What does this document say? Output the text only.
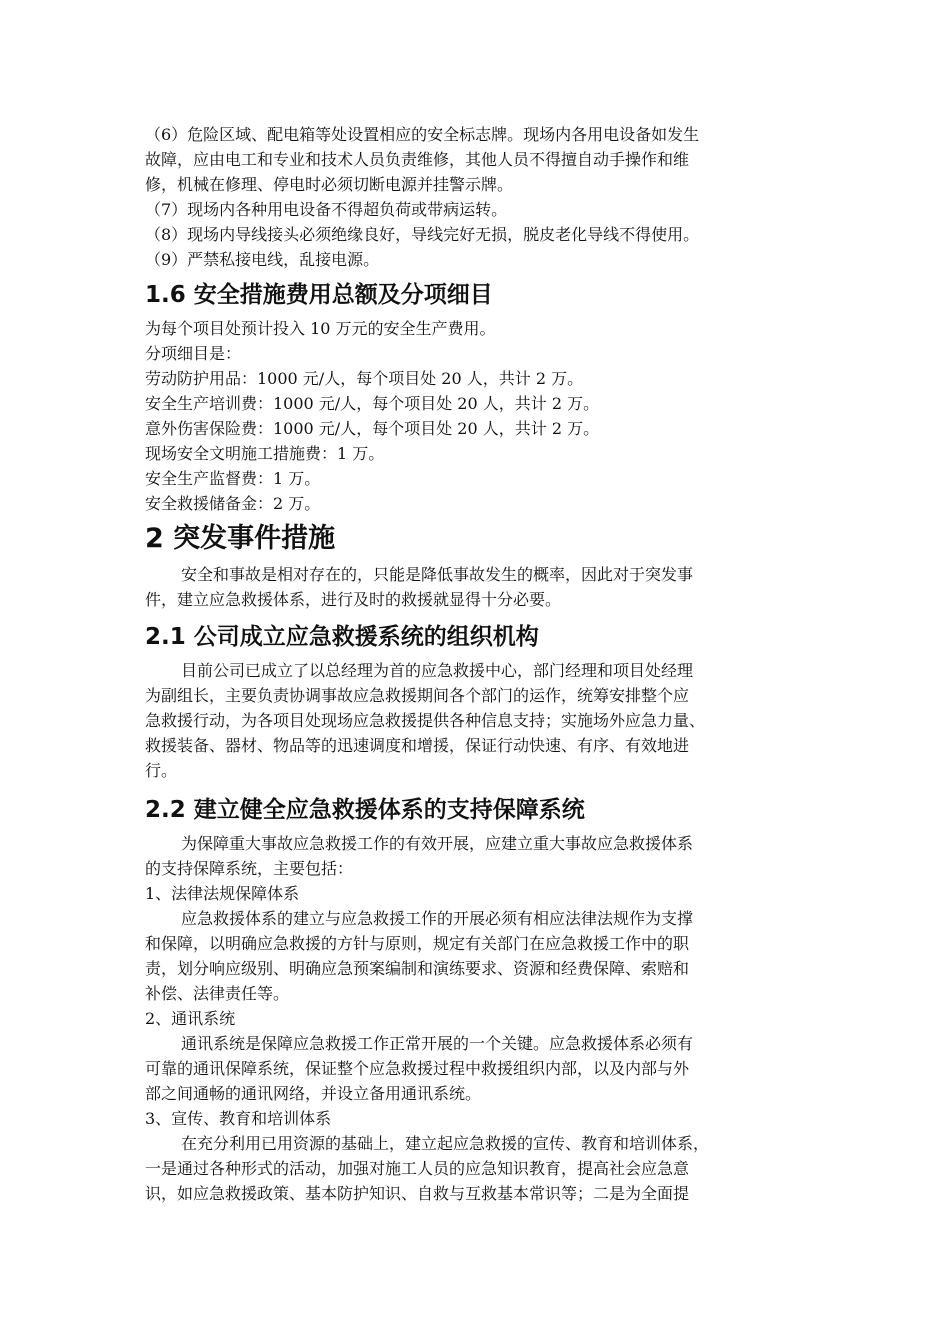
（6）危险区域、配电箱等处设置相应的安全标志牌。现场内各用电设备如发生

故障，应由电工和专业和技术人员负责维修，其他人员不得擅自动手操作和维

修，机械在修理、停电时必须切断电源并挂警示牌。

（7）现场内各种用电设备不得超负荷或带病运转。

（8）现场内导线接头必须绝缘良好，导线完好无损，脱皮老化导线不得使用。

（9）严禁私接电线，乱接电源。

1.6 安全措施费用总额及分项细目

为每个项目处预计投入 10 万元的安全生产费用。

分项细目是：

劳动防护用品：1000 元/人，每个项目处 20 人，共计 2 万。

安全生产培训费：1000 元/人，每个项目处 20 人，共计 2 万。

意外伤害保险费：1000 元/人，每个项目处 20 人，共计 2 万。

现场安全文明施工措施费：1 万。

安全生产监督费：1 万。

安全救援储备金：2 万。

2 突发事件措施

安全和事故是相对存在的，只能是降低事故发生的概率，因此对于突发事

件，建立应急救援体系，进行及时的救援就显得十分必要。

2.1 公司成立应急救援系统的组织机构

目前公司已成立了以总经理为首的应急救援中心，部门经理和项目处经理

为副组长，主要负责协调事故应急救援期间各个部门的运作，统筹安排整个应

急救援行动，为各项目处现场应急救援提供各种信息支持；实施场外应急力量、

救援装备、器材、物品等的迅速调度和增援，保证行动快速、有序、有效地进

行。

2.2 建立健全应急救援体系的支持保障系统

为保障重大事故应急救援工作的有效开展，应建立重大事故应急救援体系

的支持保障系统，主要包括：

1、法律法规保障体系

应急救援体系的建立与应急救援工作的开展必须有相应法律法规作为支撑

和保障，以明确应急救援的方针与原则，规定有关部门在应急救援工作中的职

责，划分响应级别、明确应急预案编制和演练要求、资源和经费保障、索赔和

补偿、法律责任等。

2、通讯系统

通讯系统是保障应急救援工作正常开展的一个关键。应急救援体系必须有

可靠的通讯保障系统，保证整个应急救援过程中救援组织内部，以及内部与外

部之间通畅的通讯网络，并设立备用通讯系统。

3、宣传、教育和培训体系

在充分利用已用资源的基础上，建立起应急救援的宣传、教育和培训体系，

一是通过各种形式的活动，加强对施工人员的应急知识教育，提高社会应急意

识，如应急救援政策、基本防护知识、自救与互救基本常识等；二是为全面提
